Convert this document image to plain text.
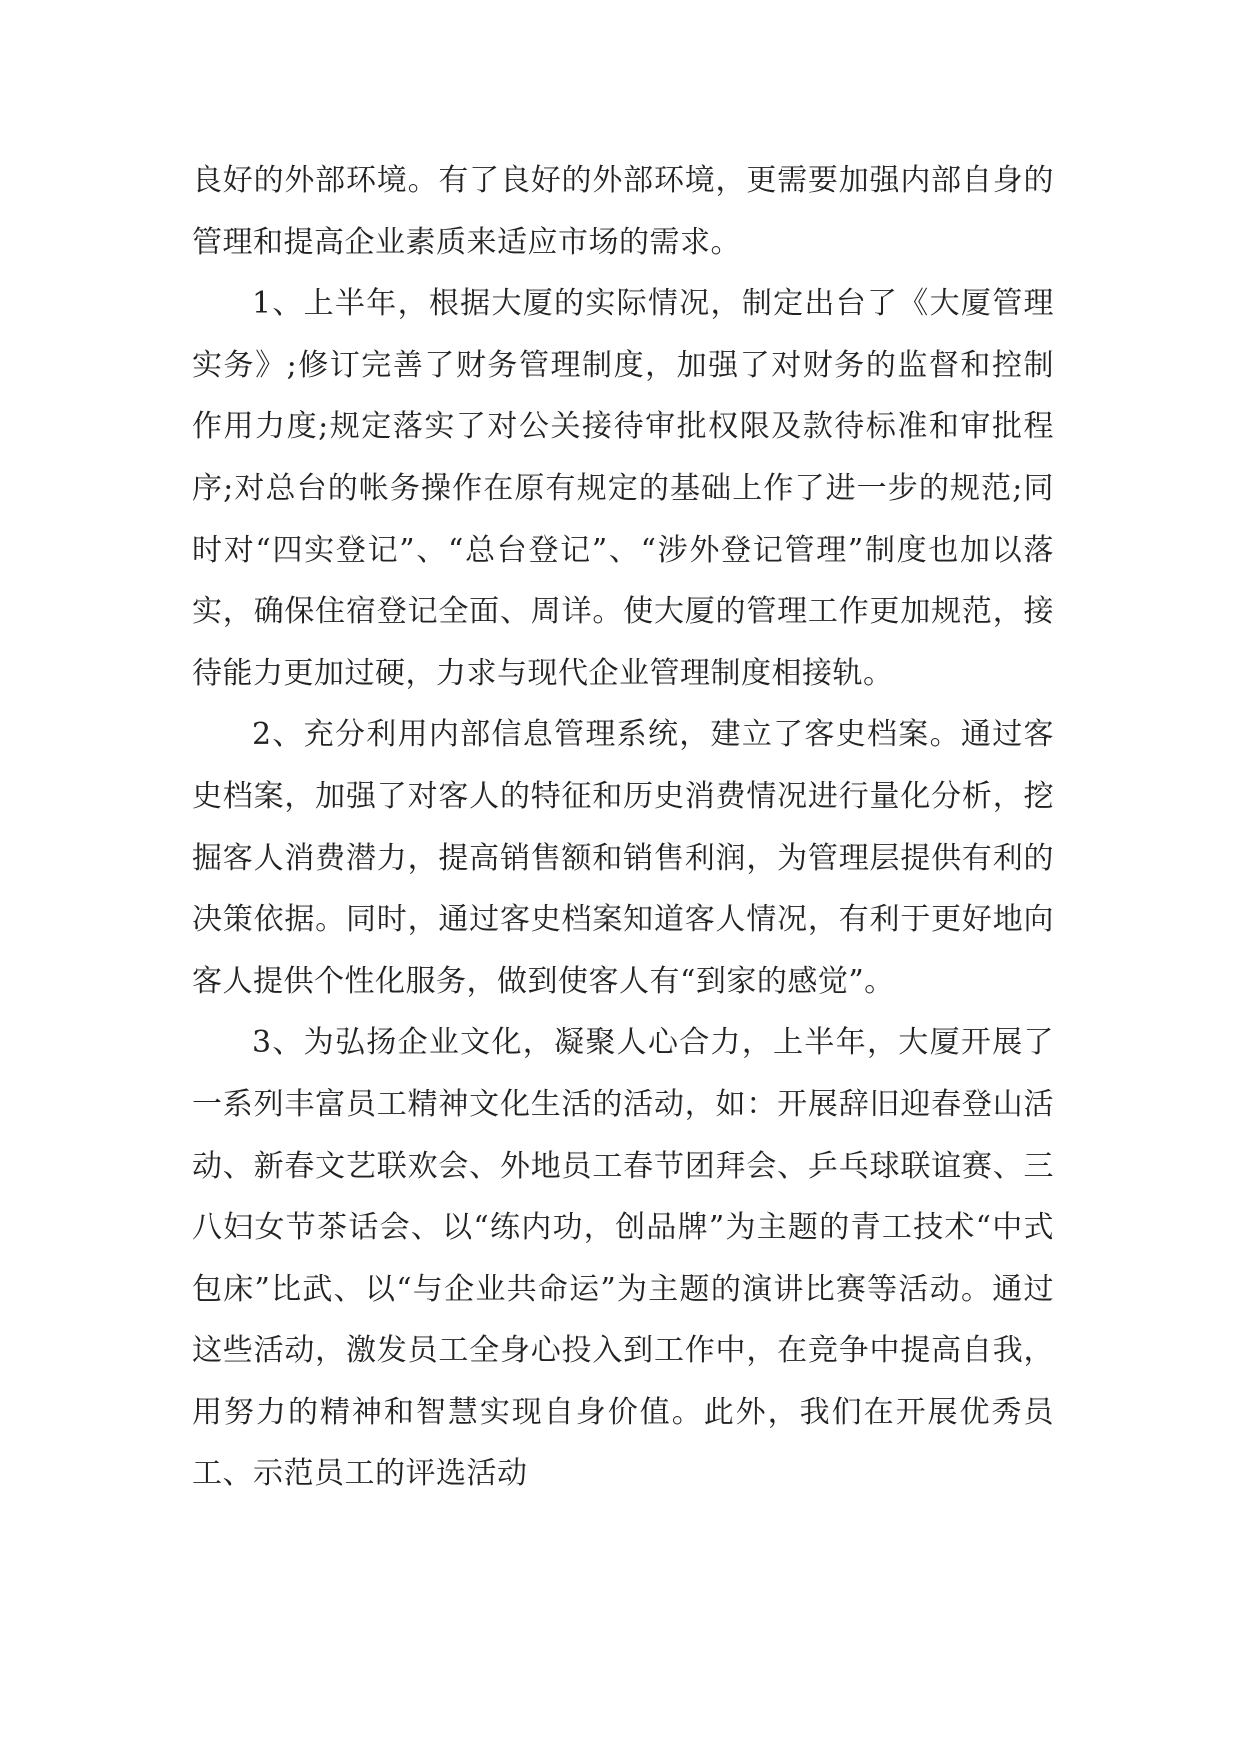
良好的外部环境。有了良好的外部环境，更需要加强内部自身的管理和提高企业素质来适应市场的需求。

1、上半年，根据大厦的实际情况，制定出台了《大厦管理实务》;修订完善了财务管理制度，加强了对财务的监督和控制作用力度;规定落实了对公关接待审批权限及款待标准和审批程序;对总台的帐务操作在原有规定的基础上作了进一步的规范;同时对“四实登记”、“总台登记”、“涉外登记管理”制度也加以落实，确保住宿登记全面、周详。使大厦的管理工作更加规范，接待能力更加过硬，力求与现代企业管理制度相接轨。

2、充分利用内部信息管理系统，建立了客史档案。通过客史档案，加强了对客人的特征和历史消费情况进行量化分析，挖掘客人消费潜力，提高销售额和销售利润，为管理层提供有利的决策依据。同时，通过客史档案知道客人情况，有利于更好地向客人提供个性化服务，做到使客人有“到家的感觉”。

3、为弘扬企业文化，凝聚人心合力，上半年，大厦开展了一系列丰富员工精神文化生活的活动，如：开展辞旧迎春登山活动、新春文艺联欢会、外地员工春节团拜会、乒乓球联谊赛、三八妇女节茶话会、以“练内功，创品牌”为主题的青工技术“中式包床”比武、以“与企业共命运”为主题的演讲比赛等活动。通过这些活动，激发员工全身心投入到工作中，在竞争中提高自我，用努力的精神和智慧实现自身价值。此外，我们在开展优秀员工、示范员工的评选活动
